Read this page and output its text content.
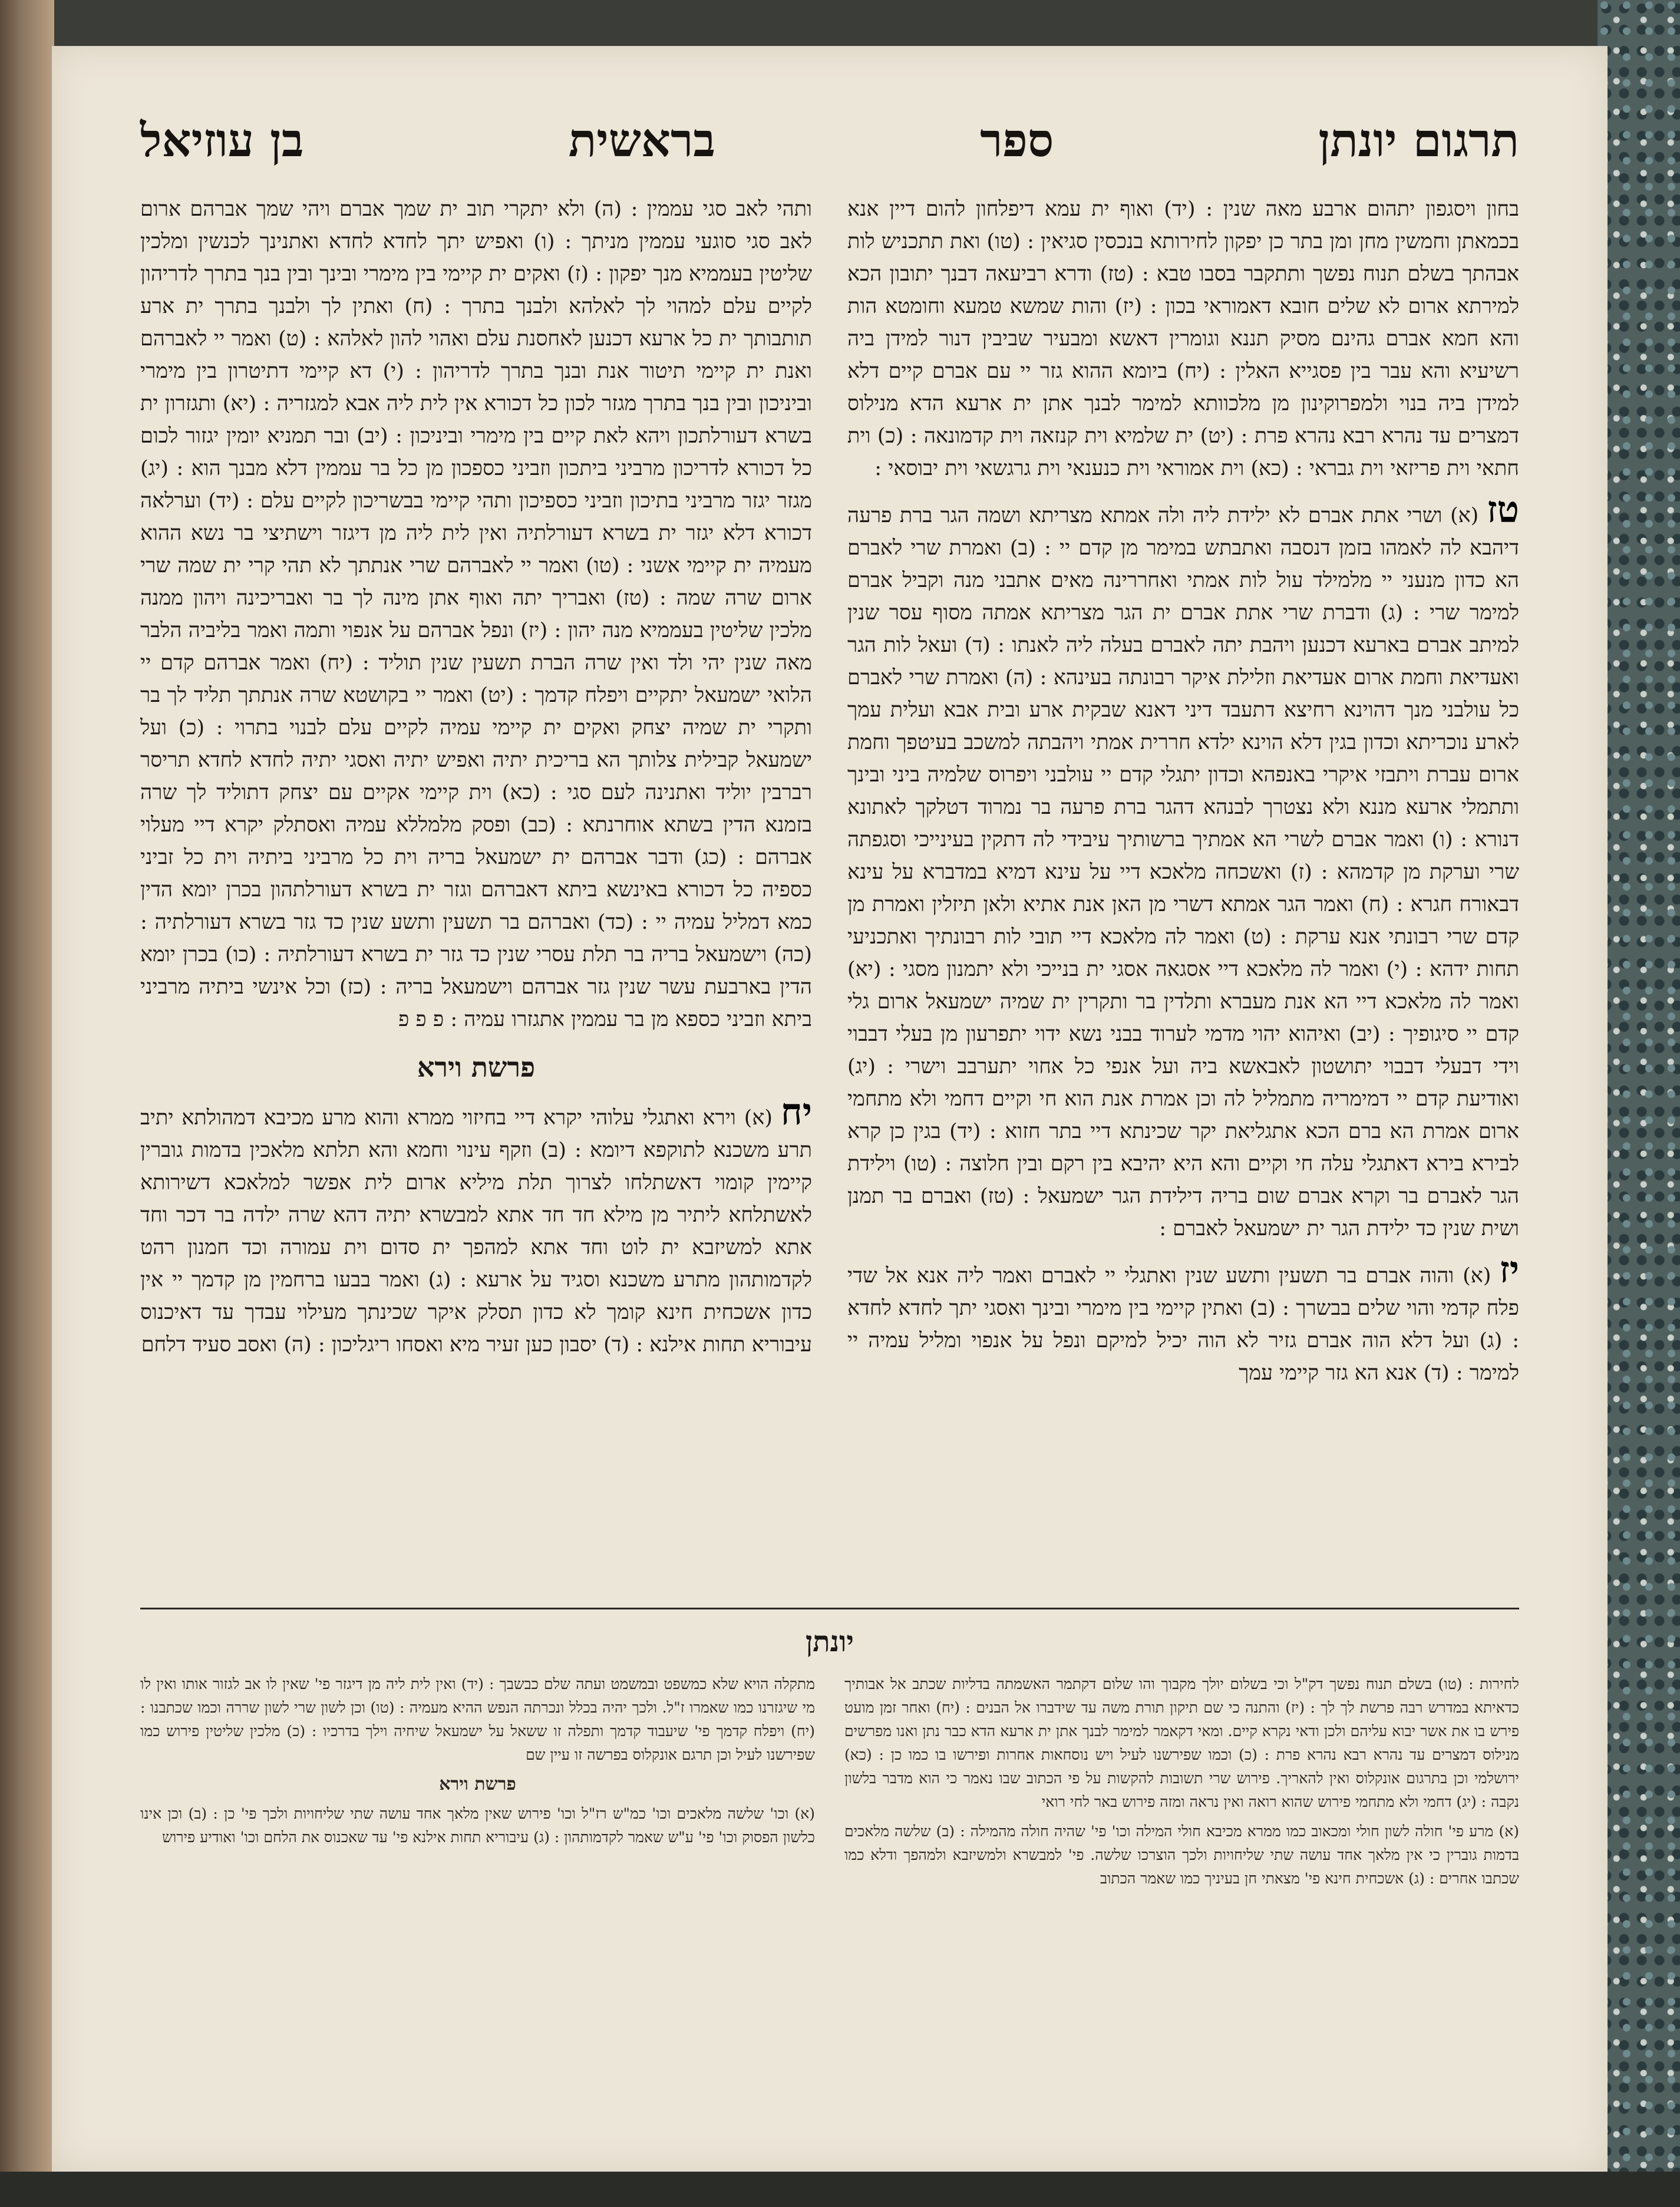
תרגום יונתן
ספר
בראשית
בן עוזיאל

בחון ויסגפון יתהום ארבע מאה שנין : (יד) ואוף ית עמא דיפלחון להום דיין אנא בכמאתן וחמשין מחן ומן בתר כן יפקון לחירותא בנכסין סגיאין : (טו) ואת תתכניש לות אבהתך בשלם תנוח נפשך ותתקבר בסבו טבא : (טז) ודרא רביעאה דבנך יתובון הכא למירתא ארום לא שלים חובא דאמוראי בכון : (יז) והות שמשא טמעא וחומטא הות והא חמא אברם גהינם מסיק תננא וגומרין דאשא ומבעיר שביבין דנור למידן ביה רשיעיא והא עבר בין פסגייא האלין : (יח) ביומא ההוא גזר יי עם אברם קיים דלא למידן ביה בנוי ולמפרוקינון מן מלכוותא למימר לבנך אתן ית ארעא הדא מנילוס דמצרים עד נהרא רבא נהרא פרת : (יט) ית שלמיא וית קנזאה וית קדמונאה : (כ) וית חתאי וית פריזאי וית גבראי : (כא) וית אמוראי וית כנענאי וית גרגשאי וית יבוסאי :

טז(א) ושרי אתת אברם לא ילידת ליה ולה אמתא מצריתא ושמה הגר ברת פרעה דיהבא לה לאמהו בזמן דנסבה ואתבתש במימר מן קדם יי : (ב) ואמרת שרי לאברם הא כדון מנעני יי מלמילד עול לות אמתי ואחררינה מאים אתבני מנה וקביל אברם למימר שרי : (ג) ודברת שרי אתת אברם ית הגר מצריתא אמתה מסוף עסר שנין למיתב אברם בארעא דכנען ויהבת יתה לאברם בעלה ליה לאנתו : (ד) ועאל לות הגר ואעדיאת וחמת ארום אעדיאת וזלילת איקר רבונתה בעינהא : (ה) ואמרת שרי לאברם כל עולבני מנך דהוינא רחיצא דתעבד דיני דאנא שבקית ארע ובית אבא ועלית עמך לארע נוכריתא וכדון בגין דלא הוינא ילדא חררית אמתי ויהבתה למשכב בעיטפך וחמת ארום עברת ויתבזי איקרי באנפהא וכדון יתגלי קדם יי עולבני ויפרוס שלמיה ביני ובינך ותתמלי ארעא מננא ולא נצטרך לבנהא דהגר ברת פרעה בר נמרוד דטלקך לאתונא דנורא : (ו) ואמר אברם לשרי הא אמתיך ברשותיך עיבידי לה דתקין בעינייכי וסגפתה שרי וערקת מן קדמהא : (ז) ואשכחה מלאכא דיי על עינא דמיא במדברא על עינא דבאורח חגרא : (ח) ואמר הגר אמתא דשרי מן האן אנת אתיא ולאן תיזלין ואמרת מן קדם שרי רבונתי אנא ערקת : (ט) ואמר לה מלאכא דיי תובי לות רבונתיך ואתכניעי תחות ידהא : (י) ואמר לה מלאכא דיי אסגאה אסגי ית בנייכי ולא יתמנון מסגי : (יא) ואמר לה מלאכא דיי הא אנת מעברא ותלדין בר ותקרין ית שמיה ישמעאל ארום גלי קדם יי סיגופיך : (יב) ואיהוא יהוי מדמי לערוד בבני נשא ידוי יתפרעון מן בעלי דבבוי וידי דבעלי דבבוי יתושטון לאבאשא ביה ועל אנפי כל אחוי יתערבב וישרי : (יג) ואודיעת קדם יי דמימריה מתמליל לה וכן אמרת אנת הוא חי וקיים דחמי ולא מתחמי ארום אמרת הא ברם הכא אתגליאת יקר שכינתא דיי בתר חזוא : (יד) בגין כן קרא לבירא בירא דאתגלי עלה חי וקיים והא היא יהיבא בין רקם ובין חלוצה : (טו) וילידת הגר לאברם בר וקרא אברם שום בריה דילידת הגר ישמעאל : (טז) ואברם בר תמנן ושית שנין כד ילידת הגר ית ישמעאל לאברם :

יז(א) והוה אברם בר תשעין ותשע שנין ואתגלי יי לאברם ואמר ליה אנא אל שדי פלח קדמי והוי שלים בבשרך : (ב) ואתין קיימי בין מימרי ובינך ואסגי יתך לחדא לחדא : (ג) ועל דלא הוה אברם גזיר לא הוה יכיל למיקם ונפל על אנפוי ומליל עמיה יי למימר : (ד) אנא הא גזר קיימי עמך

ותהי לאב סגי עממין : (ה) ולא יתקרי תוב ית שמך אברם ויהי שמך אברהם ארום לאב סגי סוגעי עממין מניתך : (ו) ואפיש יתך לחדא לחדא ואתנינך לכנשין ומלכין שליטין בעממיא מנך יפקון : (ז) ואקים ית קיימי בין מימרי ובינך ובין בנך בתרך לדריהון לקיים עלם למהוי לך לאלהא ולבנך בתרך : (ח) ואתין לך ולבנך בתרך ית ארע תותבותך ית כל ארעא דכנען לאחסנת עלם ואהוי להון לאלהא : (ט) ואמר יי לאברהם ואנת ית קיימי תיטור אנת ובנך בתרך לדריהון : (י) דא קיימי דתיטרון בין מימרי וביניכון ובין בנך בתרך מגזר לכון כל דכורא אין לית ליה אבא למגזריה : (יא) ותגזרון ית בשרא דעורלתכון ויהא לאת קיים בין מימרי וביניכון : (יב) ובר תמניא יומין יגזור לכום כל דכורא לדריכון מרביני ביתכון וזביני כספכון מן כל בר עממין דלא מבנך הוא : (יג) מגזר יגזר מרביני בתיכון וזביני כספיכון ותהי קיימי בבשריכון לקיים עלם : (יד) וערלאה דכורא דלא יגזר ית בשרא דעורלתיה ואין לית ליה מן דיגזר וישתיצי בר נשא ההוא מעמיה ית קיימי אשני : (טו) ואמר יי לאברהם שרי אנתתך לא תהי קרי ית שמה שרי ארום שרה שמה : (טז) ואבריך יתה ואוף אתן מינה לך בר ואבריכינה ויהון ממנה מלכין שליטין בעממיא מנה יהון : (יז) ונפל אברהם על אנפוי ותמה ואמר בליביה הלבר מאה שנין יהי ולד ואין שרה הברת תשעין שנין תוליד : (יח) ואמר אברהם קדם יי הלואי ישמעאל יתקיים ויפלח קדמך : (יט) ואמר יי בקושטא שרה אנתתך תליד לך בר ותקרי ית שמיה יצחק ואקים ית קיימי עמיה לקיים עלם לבנוי בתרוי : (כ) ועל ישמעאל קבילית צלותך הא בריכית יתיה ואפיש יתיה ואסגי יתיה לחדא לחדא תריסר רברבין יוליד ואתנינה לעם סגי : (כא) וית קיימי אקיים עם יצחק דתוליד לך שרה בזמנא הדין בשתא אוחרנתא : (כב) ופסק מלמללא עמיה ואסתלק יקרא דיי מעלוי אברהם : (כג) ודבר אברהם ית ישמעאל בריה וית כל מרביני ביתיה וית כל זביני כספיה כל דכורא באינשא ביתא דאברהם וגזר ית בשרא דעורלתהון בכרן יומא הדין כמא דמליל עמיה יי : (כד) ואברהם בר תשעין ותשע שנין כד גזר בשרא דעורלתיה : (כה) וישמעאל בריה בר תלת עסרי שנין כד גזר ית בשרא דעורלתיה : (כו) בכרן יומא הדין בארבעת עשר שנין גזר אברהם וישמעאל בריה : (כז) וכל אינשי ביתיה מרביני ביתא וזביני כספא מן בר עממין אתגזרו עמיה : פ פ פ

פרשת וירא

יח(א) וירא ואתגלי עלוהי יקרא דיי בחיזוי ממרא והוא מרע מכיבא דמהולתא יתיב תרע משכנא לתוקפא דיומא : (ב) וזקף עינוי וחמא והא תלתא מלאכין בדמות גוברין קיימין קומוי דאשתלחו לצרוך תלת מיליא ארום לית אפשר למלאכא דשירותא לאשתלחא ליתיר מן מילא חד חד אתא למבשרא יתיה דהא שרה ילדה בר דכר וחד אתא למשיזבא ית לוט וחד אתא למהפך ית סדום וית עמורה וכד חמנון רהט לקדמותהון מתרע משכנא וסגיד על ארעא : (ג) ואמר בבעו ברחמין מן קדמך יי אין כדון אשכחית חינא קומך לא כדון תסלק איקר שכינתך מעילוי עבדך עד דאיכנוס עיבוריא תחות אילנא : (ד) יסבון כען זעיר מיא ואסחו ריגליכון : (ה) ואסב סעיד דלחם

יונתן

לחירות : (טו) בשלם תנוח נפשך דק"ל וכי בשלום יולך מקבוך והו שלום דקתמר האשמתה בדליות שכתב אל אבותיך כדאיתא במדרש רבה פרשת לך לך : (יז) והתנה כי שם תיקון תורת משה עד שידברו אל הבנים : (יח) ואחר זמן מועט פירש בו את אשר יבוא עליהם ולכן ודאי נקרא קיים. ומאי דקאמר למימר לבנך אתן ית ארעא הדא כבר נתן ואנו מפרשים מנילוס דמצרים עד נהרא רבא נהרא פרת : (כ) וכמו שפירשנו לעיל ויש נוסחאות אחרות ופירשו בו כמו כן : (כא) ירושלמי וכן בתרגום אונקלוס ואין להאריך. פירוש שרי תשובות להקשות על פי הכתוב שבו נאמר כי הוא מדבר בלשון נקבה : (יג) דחמי ולא מתחמי פירוש שהוא רואה ואין נראה ומזה פירוש באר לחי רואי

(א) מרע פי' חולה לשון חולי ומכאוב כמו ממרא מכיבא חולי המילה וכו' פי' שהיה חולה מהמילה : (ב) שלשה מלאכים בדמות גוברין כי אין מלאך אחד עושה שתי שליחויות ולכך הוצרכו שלשה. פי' למבשרא ולמשיזבא ולמהפך ודלא כמו שכתבו אחרים : (ג) אשכחית חינא פי' מצאתי חן בעיניך כמו שאמר הכתוב

מתקלה הויא שלא כמשפט ובמשמט ועתה שלם כבשבך : (יד) ואין לית ליה מן דיגזר פי' שאין לו אב לגזור אותו ואין לו מי שיגזרנו כמו שאמרו ז"ל. ולכך יהיה בכלל ונכרתה הנפש ההיא מעמיה : (טו) וכן לשון שרי לשון שררה וכמו שכתבנו : (יח) ויפלח קדמך פי' שיעבוד קדמך ותפלה זו ששאל על ישמעאל שיחיה וילך בדרכיו : (כ) מלכין שליטין פירוש כמו שפירשנו לעיל וכן תרגם אונקלוס בפרשה זו עיין שם

פרשת וירא

(א) וכו' שלשה מלאכים וכו' כמ"ש רז"ל וכו' פירוש שאין מלאך אחד עושה שתי שליחויות ולכך פי' כן : (ב) וכן אינו כלשון הפסוק וכו' פי' ע"ש שאמר לקדמותהון : (ג) עיבוריא תחות אילנא פי' עד שאכנוס את הלחם וכו' ואודיע פירוש
